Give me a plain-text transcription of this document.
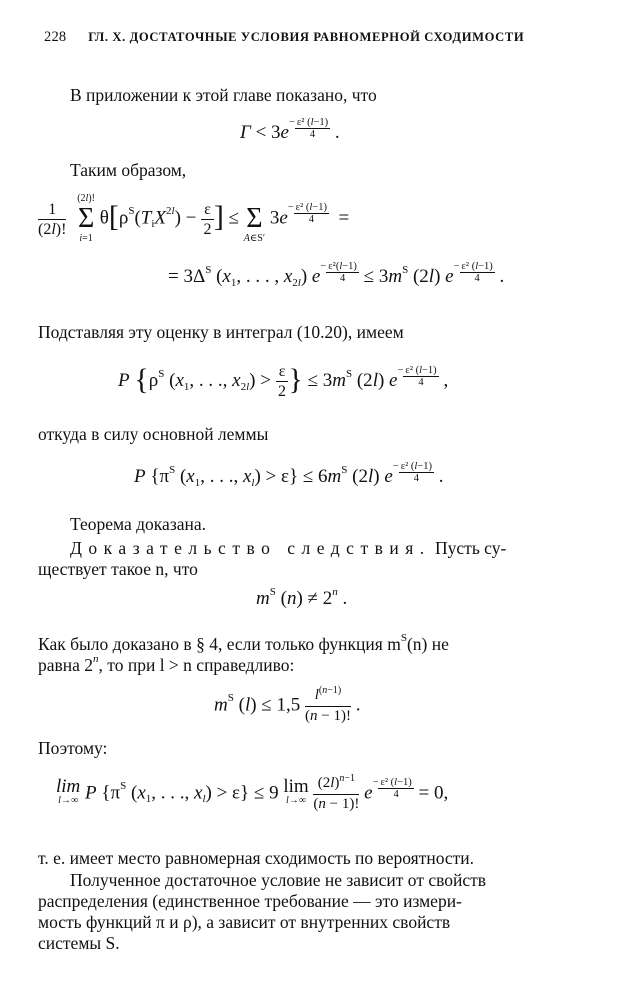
228 ГЛ. X. ДОСТАТОЧНЫЕ УСЛОВИЯ РАВНОМЕРНОЙ СХОДИМОСТИ
В приложении к этой главе показано, что
$Г < 3e- \frac{\text{ε² (l−1)}}{4}$ .
Таким образом,
$\frac{1}{(2l)!}$

(2l)!
Σ
i=1
$\theta[\rho^S(T_iX^{2l}) - \frac{\varepsilon}{2}$ ] ≤

Σ
A∈S′
$3e- \frac{\text{ε² (l−1)}}{4}$ =
= $3\Delta^S$ ($x_1$, . . . , $x_{2l}$) $e- \frac{\text{ε²(l−1)}}{4} \le 3m^S$ (2l) $e- \frac{\text{ε² (l−1)}}{4}$ .
Подставляя эту оценку в интеграл (10.20), имеем
P {$\rho^S$ ($x_1$, . . ., $x_{2l}) > \frac{\varepsilon}{2}$ } ≤ $3m^S$ (2l) $e- \frac{\text{ε² (l−1)}}{4}$ ,
откуда в силу основной леммы
P {$\pi^S$ ($x_1$, . . ., $x_l) > \varepsilon\} \le 6m^S$ (2l) $e- \frac{\text{ε² (l−1)}}{4}$ .
Теорема доказана.
Доказательство следствия. Пусть су-
ществует такое n, что
$m^S$ $(n) \ne 2^n$ .
Как было доказано в § 4, если только функция $m^S(n)$ не
равна 2$^n$, то при l > n справедливо:
$m^S$ $(l) \le 1,5 \frac{l^{(n-1)}}{(n - 1)!}$ .
Поэтому:
lim
l→∞ P {$\pi^S$ ($x_1$, . . ., $x_l) > \varepsilon\} \le 9$ lim
l→∞
$\frac{(2l)^{n-1}}{(n - 1)!} e- \frac{\text{ε² (l−1)}}{4} = 0$,
т. е. имеет место равномерная сходимость по вероятности.
Полученное достаточное условие не зависит от свойств
распределения (единственное требование — это измери-
мость функций π и ρ), а зависит от внутренних свойств
системы S.
